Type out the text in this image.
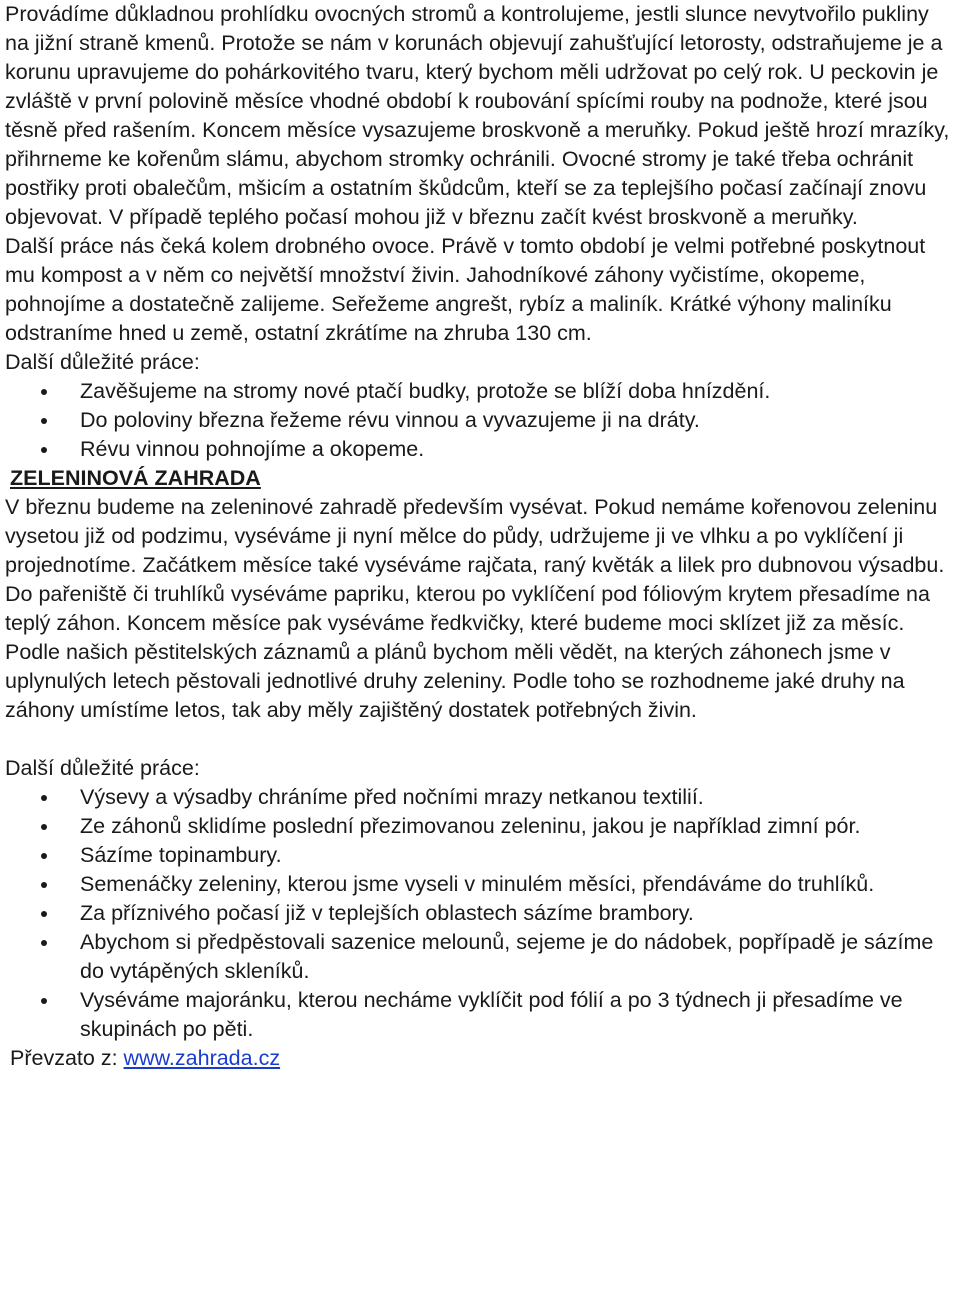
Provádíme důkladnou prohlídku ovocných stromů a kontrolujeme, jestli slunce nevytvořilo pukliny na jižní straně kmenů. Protože se nám v korunách objevují zahušťující letorosty, odstraňujeme je a korunu upravujeme do pohárkovitého tvaru, který bychom měli udržovat po celý rok. U peckovin je zvláště v první polovině měsíce vhodné období k roubování spícími rouby na podnože, které jsou těsně před rašením. Koncem měsíce vysazujeme broskvoně a meruňky. Pokud ještě hrozí mrazíky, přihrneme ke kořenům slámu, abychom stromky ochránili. Ovocné stromy je také třeba ochránit postřiky proti obalečům, mšicím a ostatním škůdcům, kteří se za teplejšího počasí začínají znovu objevovat. V případě teplého počasí mohou již v březnu začít kvést broskvoně a meruňky.

Další práce nás čeká kolem drobného ovoce. Právě v tomto období je velmi potřebné poskytnout mu kompost a v něm co největší množství živin. Jahodníkové záhony vyčistíme, okopeme, pohnojíme a dostatečně zalijeme. Seřežeme angrešt, rybíz a maliník. Krátké výhony maliníku odstraníme hned u země, ostatní zkrátíme na zhruba 130 cm.

Další důležité práce:

Zavěšujeme na stromy nové ptačí budky, protože se blíží doba hnízdění.
Do poloviny března řežeme révu vinnou a vyvazujeme ji na dráty.
Révu vinnou pohnojíme a okopeme.

ZELENINOVÁ ZAHRADA

V březnu budeme na zeleninové zahradě především vysévat. Pokud nemáme kořenovou zeleninu vysetou již od podzimu, vyséváme ji nyní mělce do půdy, udržujeme ji ve vlhku a po vyklíčení ji projednotíme. Začátkem měsíce také vyséváme rajčata, raný květák a lilek pro dubnovou výsadbu. Do pařeniště či truhlíků vyséváme papriku, kterou po vyklíčení pod fóliovým krytem přesadíme na teplý záhon. Koncem měsíce pak vyséváme ředkvičky, které budeme moci sklízet již za měsíc.

Podle našich pěstitelských záznamů a plánů bychom měli vědět, na kterých záhonech jsme v uplynulých letech pěstovali jednotlivé druhy zeleniny. Podle toho se rozhodneme jaké druhy na záhony umístíme letos, tak aby měly zajištěný dostatek potřebných živin.

Další důležité práce:

Výsevy a výsadby chráníme před nočními mrazy netkanou textilií.
Ze záhonů sklidíme poslední přezimovanou zeleninu, jakou je například zimní pór.
Sázíme topinambury.
Semenáčky zeleniny, kterou jsme vyseli v minulém měsíci, přendáváme do truhlíků.
Za příznivého počasí již v teplejších oblastech sázíme brambory.
Abychom si předpěstovali sazenice melounů, sejeme je do nádobek, popřípadě je sázíme do vytápěných skleníků.
Vyséváme majoránku, kterou necháme vyklíčit pod fólií a po 3 týdnech ji přesadíme ve skupinách po pěti.

Převzato z: www.zahrada.cz
